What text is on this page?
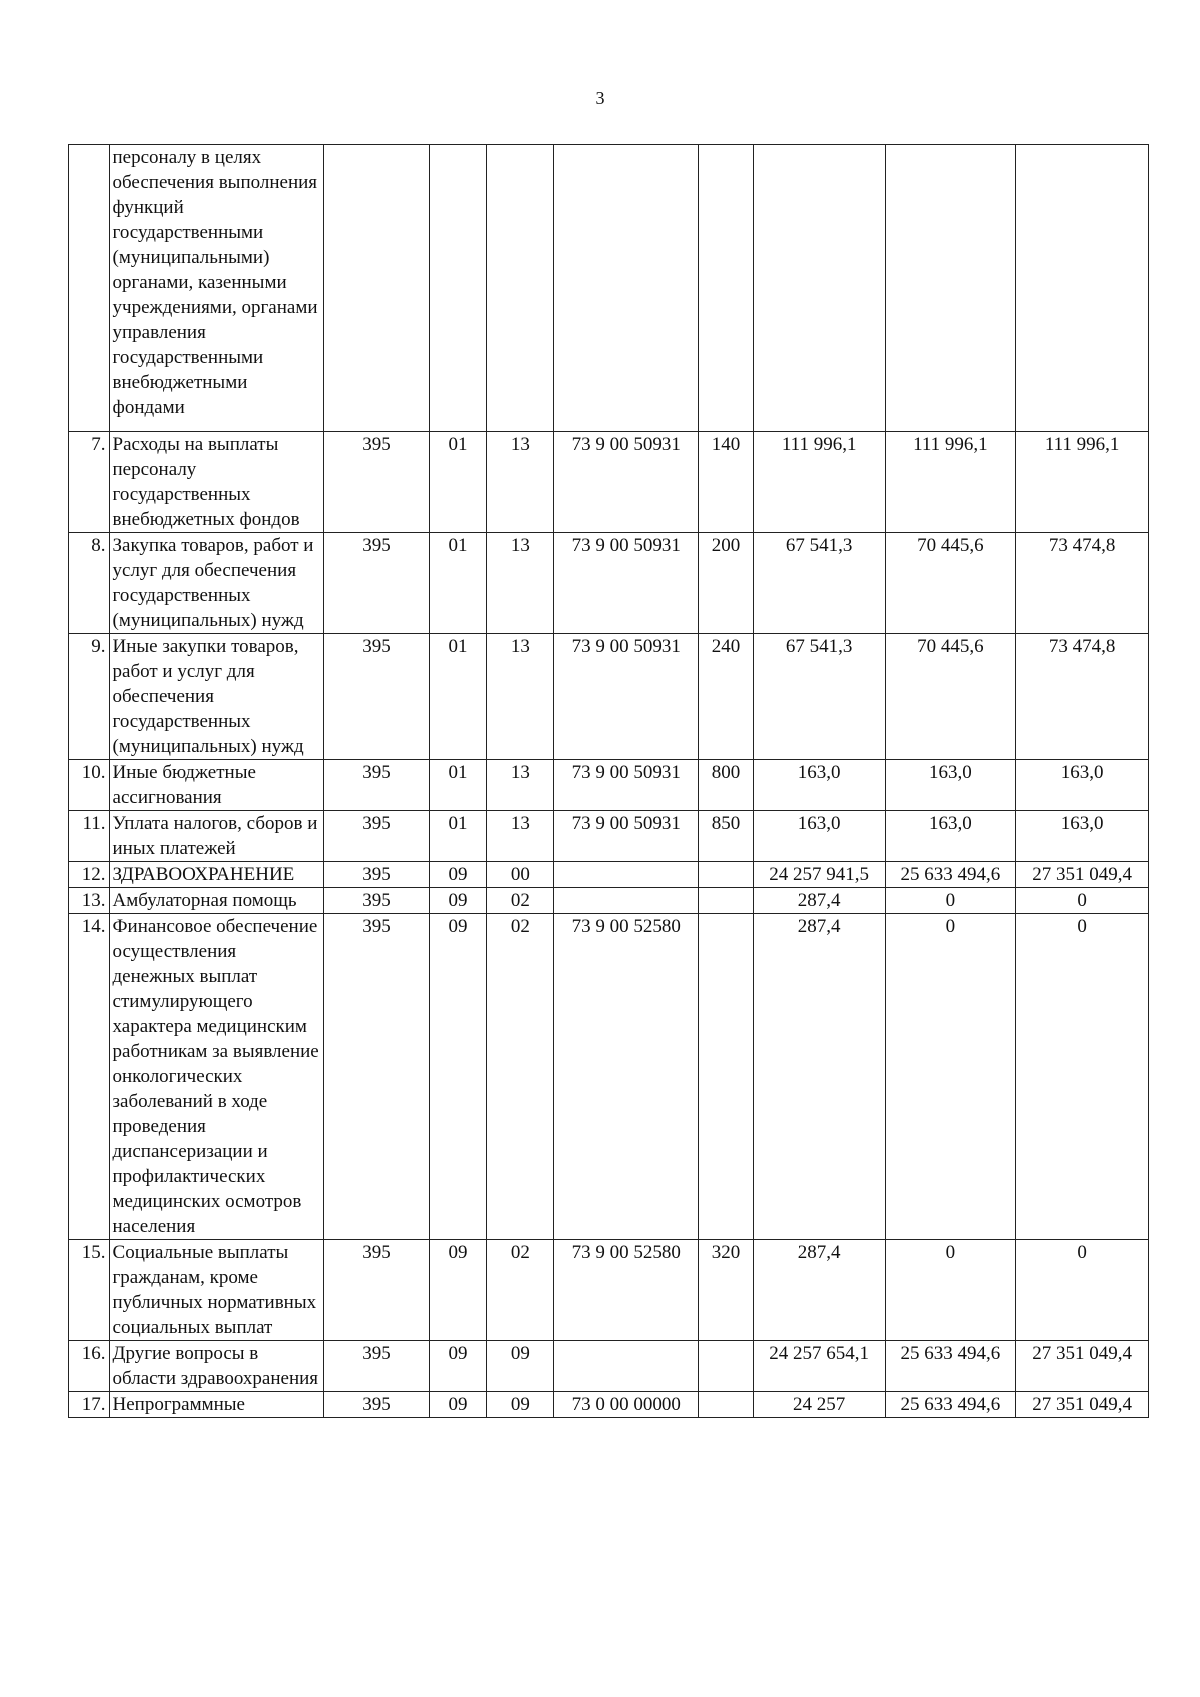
3
	персоналу в целях обеспечения выполнения функций государственными (муниципальными) органами, казенными учреждениями, органами управления государственными внебюджетными фондами								
7.	Расходы на выплаты персоналу государственных внебюджетных фондов	395	01	13	73 9 00 50931	140	111 996,1	111 996,1	111 996,1
8.	Закупка товаров, работ и услуг для обеспечения государственных (муниципальных) нужд	395	01	13	73 9 00 50931	200	67 541,3	70 445,6	73 474,8
9.	Иные закупки товаров, работ и услуг для обеспечения государственных (муниципальных) нужд	395	01	13	73 9 00 50931	240	67 541,3	70 445,6	73 474,8
10.	Иные бюджетные ассигнования	395	01	13	73 9 00 50931	800	163,0	163,0	163,0
11.	Уплата налогов, сборов и иных платежей	395	01	13	73 9 00 50931	850	163,0	163,0	163,0
12.	ЗДРАВООХРАНЕНИЕ	395	09	00			24 257 941,5	25 633 494,6	27 351 049,4
13.	Амбулаторная помощь	395	09	02			287,4	0	0
14.	Финансовое обеспечение осуществления денежных выплат стимулирующего характера медицинским работникам за выявление онкологических заболеваний в ходе проведения диспансеризации и профилактических медицинских осмотров населения	395	09	02	73 9 00 52580		287,4	0	0
15.	Социальные выплаты гражданам, кроме публичных нормативных социальных выплат	395	09	02	73 9 00 52580	320	287,4	0	0
16.	Другие вопросы в области здравоохранения	395	09	09			24 257 654,1	25 633 494,6	27 351 049,4
17.	Непрограммные	395	09	09	73 0 00 00000		24 257	25 633 494,6	27 351 049,4
